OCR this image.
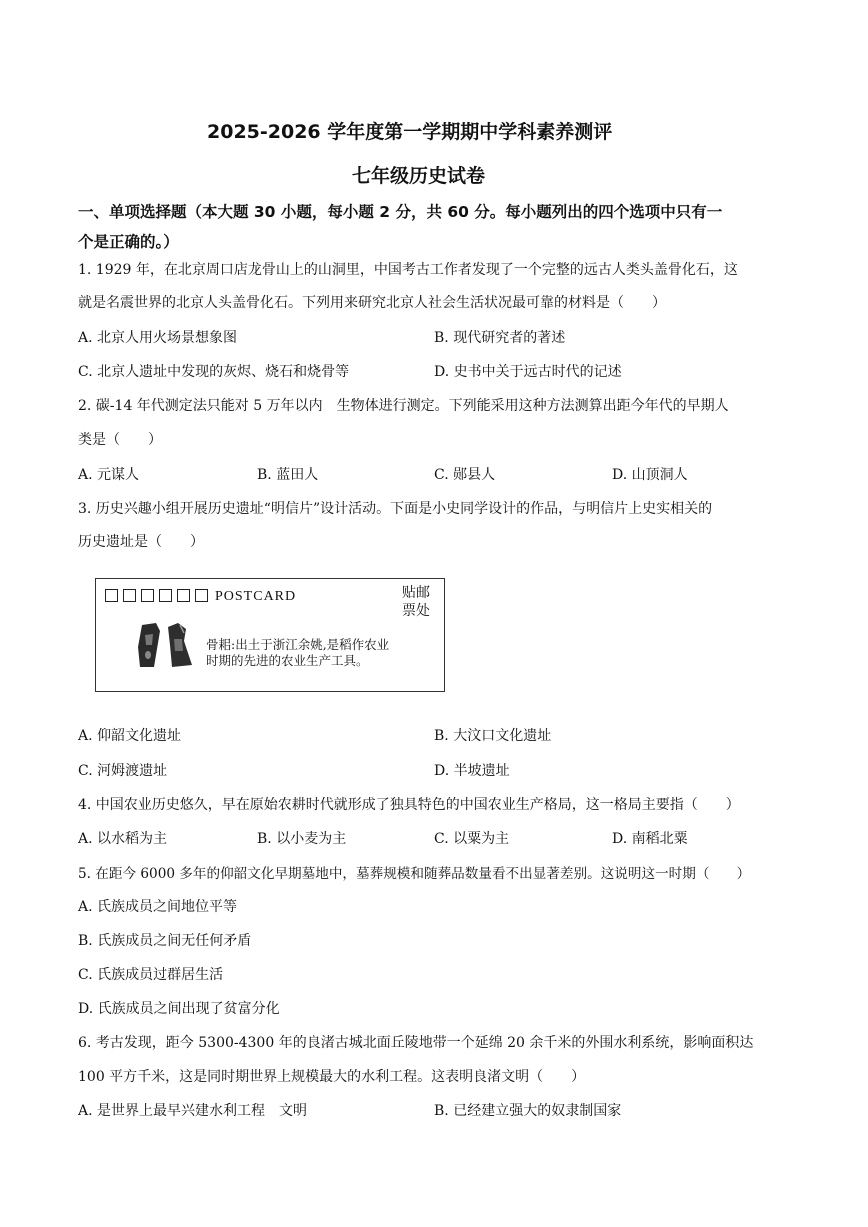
2025-2026 学年度第一学期期中学科素养测评
七年级历史试卷
一、单项选择题（本大题 30 小题，每小题 2 分，共 60 分。每小题列出的四个选项中只有一
个是正确的。）
1. 1929 年，在北京周口店龙骨山上的山洞里，中国考古工作者发现了一个完整的远古人类头盖骨化石，这
就是名震世界的北京人头盖骨化石。下列用来研究北京人社会生活状况最可靠的材料是（　　）
A. 北京人用火场景想象图	B. 现代研究者的著述
C. 北京人遗址中发现的灰烬、烧石和烧骨等	D. 史书中关于远古时代的记述
2. 碳-14 年代测定法只能对 5 万年以内　生物体进行测定。下列能采用这种方法测算出距今年代的早期人
类是（　　）
A. 元谋人	B. 蓝田人	C. 郧县人	D. 山顶洞人
3. 历史兴趣小组开展历史遗址“明信片”设计活动。下面是小史同学设计的作品，与明信片上史实相关的
历史遗址是（　　）
POSTCARD	贴邮票处
骨耜:出土于浙江余姚,是稻作农业时期的先进的农业生产工具。
A. 仰韶文化遗址	B. 大汶口文化遗址
C. 河姆渡遗址	D. 半坡遗址
4. 中国农业历史悠久，早在原始农耕时代就形成了独具特色的中国农业生产格局，这一格局主要指（　　）
A. 以水稻为主	B. 以小麦为主	C. 以粟为主	D. 南稻北粟
5. 在距今 6000 多年的仰韶文化早期墓地中，墓葬规模和随葬品数量看不出显著差别。这说明这一时期（　　）
A. 氏族成员之间地位平等
B. 氏族成员之间无任何矛盾
C. 氏族成员过群居生活
D. 氏族成员之间出现了贫富分化
6. 考古发现，距今 5300-4300 年的良渚古城北面丘陵地带一个延绵 20 余千米的外围水利系统，影响面积达
100 平方千米，这是同时期世界上规模最大的水利工程。这表明良渚文明（　　）
A. 是世界上最早兴建水利工程　文明	B. 已经建立强大的奴隶制国家
